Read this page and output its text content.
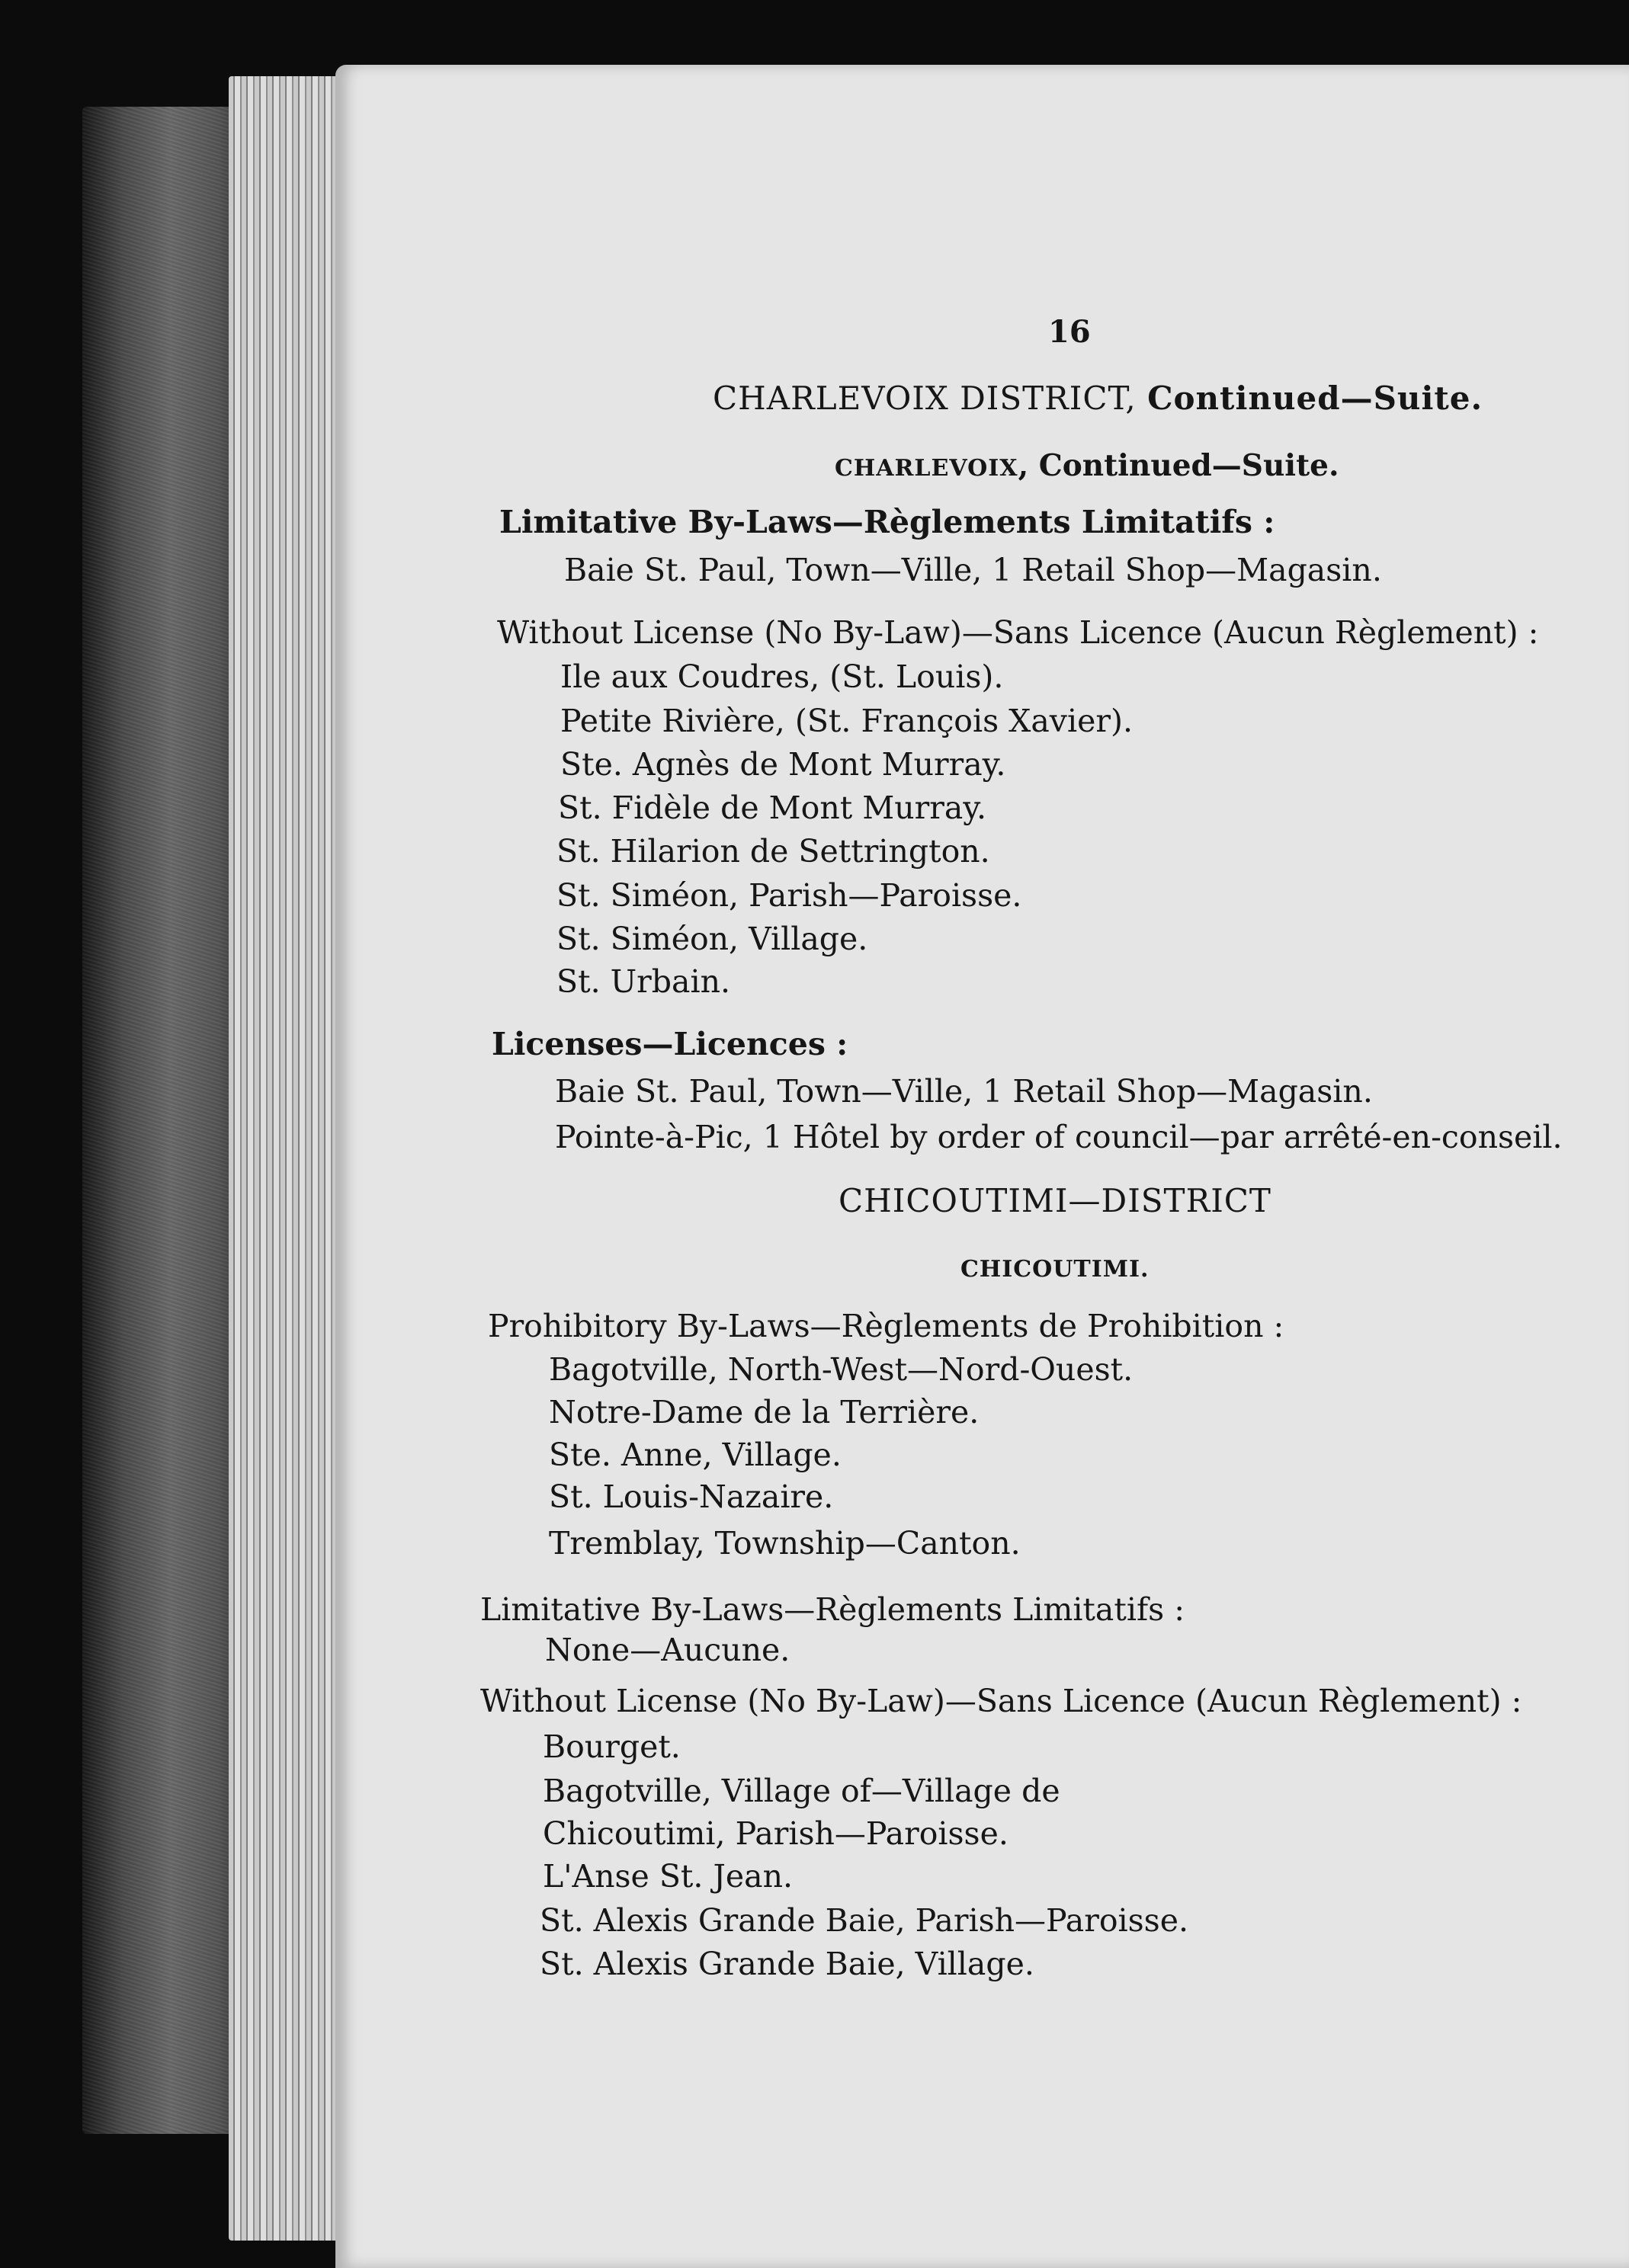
16
CHARLEVOIX DISTRICT, Continued—Suite.
CHARLEVOIX, Continued—Suite.
Limitative By-Laws—Règlements Limitatifs :
Baie St. Paul, Town—Ville, 1 Retail Shop—Magasin.
Without License (No By-Law)—Sans Licence (Aucun Règlement) :
Ile aux Coudres, (St. Louis).
Petite Rivière, (St. François Xavier).
Ste. Agnès de Mont Murray.
St. Fidèle de Mont Murray.
St. Hilarion de Settrington.
St. Siméon, Parish—Paroisse.
St. Siméon, Village.
St. Urbain.
Licenses—Licences :
Baie St. Paul, Town—Ville, 1 Retail Shop—Magasin.
Pointe-à-Pic, 1 Hôtel by order of council—par arrêté-en-conseil.
CHICOUTIMI—DISTRICT
CHICOUTIMI.
Prohibitory By-Laws—Règlements de Prohibition :
Bagotville, North-West—Nord-Ouest.
Notre-Dame de la Terrière.
Ste. Anne, Village.
St. Louis-Nazaire.
Tremblay, Township—Canton.
Limitative By-Laws—Règlements Limitatifs :
None—Aucune.
Without License (No By-Law)—Sans Licence (Aucun Règlement) :
Bourget.
Bagotville, Village of—Village de
Chicoutimi, Parish—Paroisse.
L'Anse St. Jean.
St. Alexis Grande Baie, Parish—Paroisse.
St. Alexis Grande Baie, Village.
